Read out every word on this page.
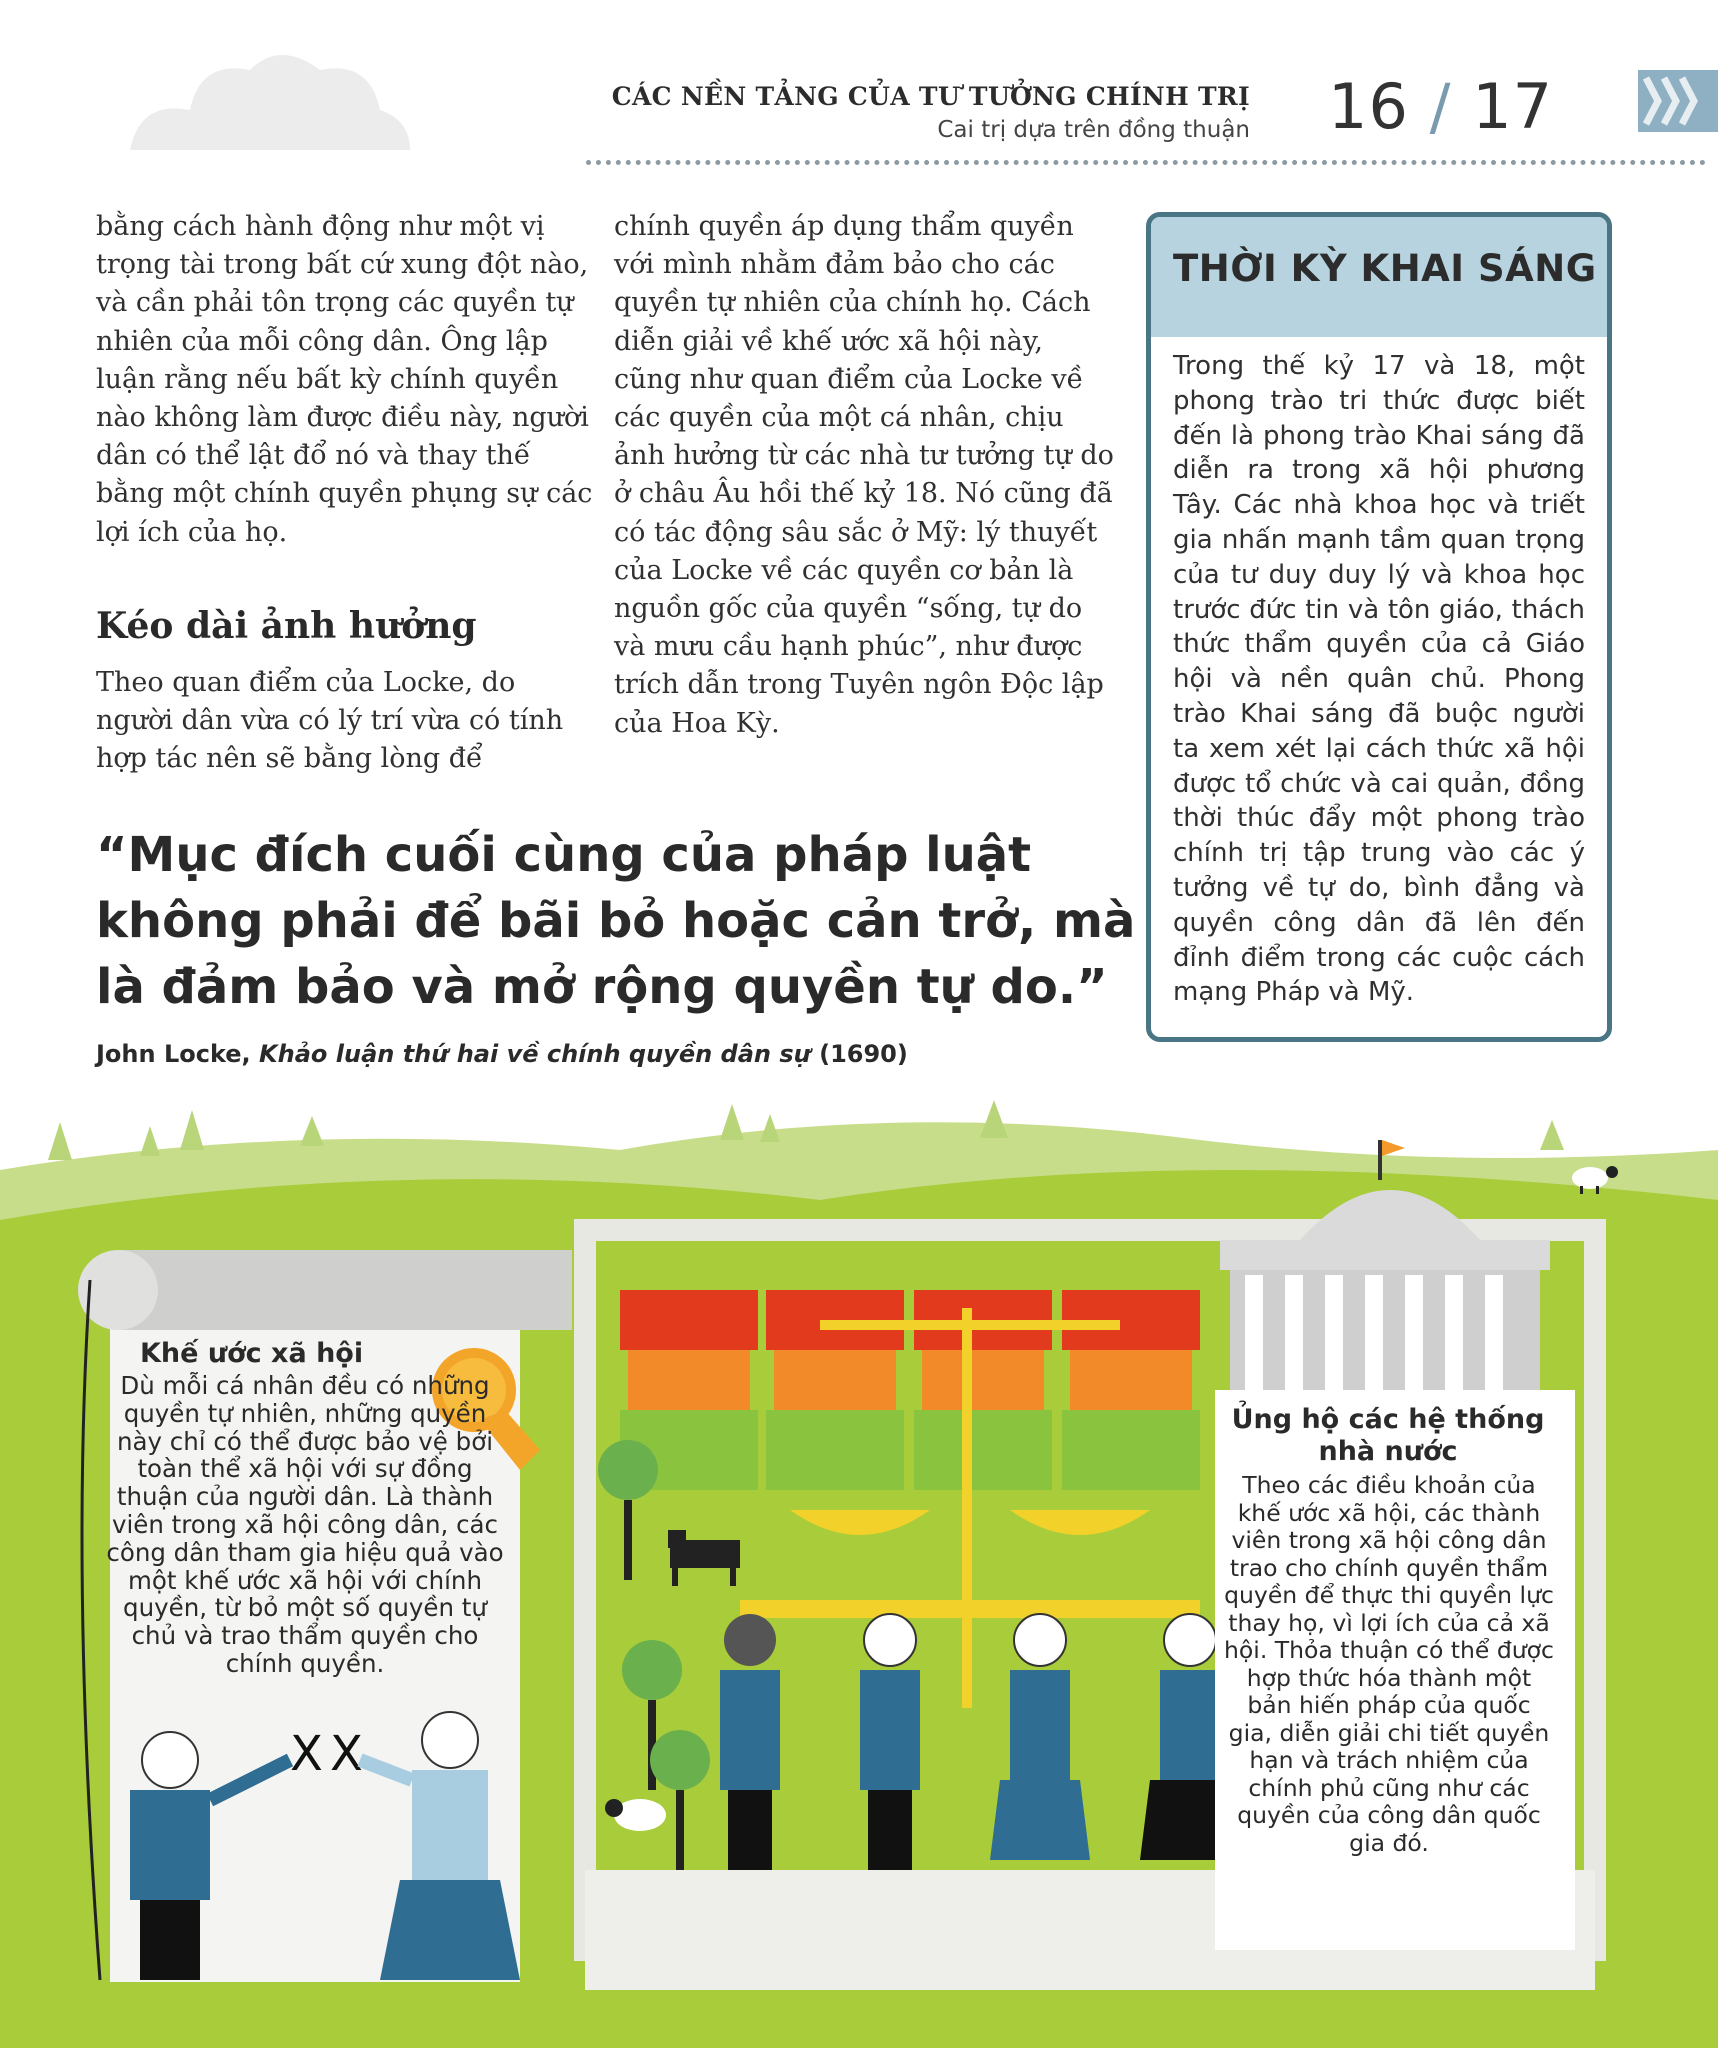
CÁC NỀN TẢNG CỦA TƯ TƯỞNG CHÍNH TRỊ
Cai trị dựa trên đồng thuận 16 / 17
bằng cách hành động như một vị trọng tài trong bất cứ xung đột nào, và cần phải tôn trọng các quyền tự nhiên của mỗi công dân. Ông lập luận rằng nếu bất kỳ chính quyền nào không làm được điều này, người dân có thể lật đổ nó và thay thế bằng một chính quyền phụng sự các lợi ích của họ.
Kéo dài ảnh hưởng
Theo quan điểm của Locke, do người dân vừa có lý trí vừa có tính hợp tác nên sẽ bằng lòng để
chính quyền áp dụng thẩm quyền với mình nhằm đảm bảo cho các quyền tự nhiên của chính họ. Cách diễn giải về khế ước xã hội này, cũng như quan điểm của Locke về các quyền của một cá nhân, chịu ảnh hưởng từ các nhà tư tưởng tự do ở châu Âu hồi thế kỷ 18. Nó cũng đã có tác động sâu sắc ở Mỹ: lý thuyết của Locke về các quyền cơ bản là nguồn gốc của quyền “sống, tự do và mưu cầu hạnh phúc”, như được trích dẫn trong Tuyên ngôn Độc lập của Hoa Kỳ.
THỜI KỲ KHAI SÁNG
Trong thế kỷ 17 và 18, một phong trào tri thức được biết đến là phong trào Khai sáng đã diễn ra trong xã hội phương Tây. Các nhà khoa học và triết gia nhấn mạnh tầm quan trọng của tư duy duy lý và khoa học trước đức tin và tôn giáo, thách thức thẩm quyền của cả Giáo hội và nền quân chủ. Phong trào Khai sáng đã buộc người ta xem xét lại cách thức xã hội được tổ chức và cai quản, đồng thời thúc đẩy một phong trào chính trị tập trung vào các ý tưởng về tự do, bình đẳng và quyền công dân đã lên đến đỉnh điểm trong các cuộc cách mạng Pháp và Mỹ.
“Mục đích cuối cùng của pháp luật không phải để bãi bỏ hoặc cản trở, mà là đảm bảo và mở rộng quyền tự do.”
John Locke, Khảo luận thứ hai về chính quyền dân sự (1690)
X X
Khế ước xã hội
Dù mỗi cá nhân đều có những quyền tự nhiên, những quyền này chỉ có thể được bảo vệ bởi toàn thể xã hội với sự đồng thuận của người dân. Là thành viên trong xã hội công dân, các công dân tham gia hiệu quả vào một khế ước xã hội với chính quyền, từ bỏ một số quyền tự chủ và trao thẩm quyền cho chính quyền.
Ủng hộ các hệ thống nhà nước
Theo các điều khoản của khế ước xã hội, các thành viên trong xã hội công dân trao cho chính quyền thẩm quyền để thực thi quyền lực thay họ, vì lợi ích của cả xã hội. Thỏa thuận có thể được hợp thức hóa thành một bản hiến pháp của quốc gia, diễn giải chi tiết quyền hạn và trách nhiệm của chính phủ cũng như các quyền của công dân quốc gia đó.
